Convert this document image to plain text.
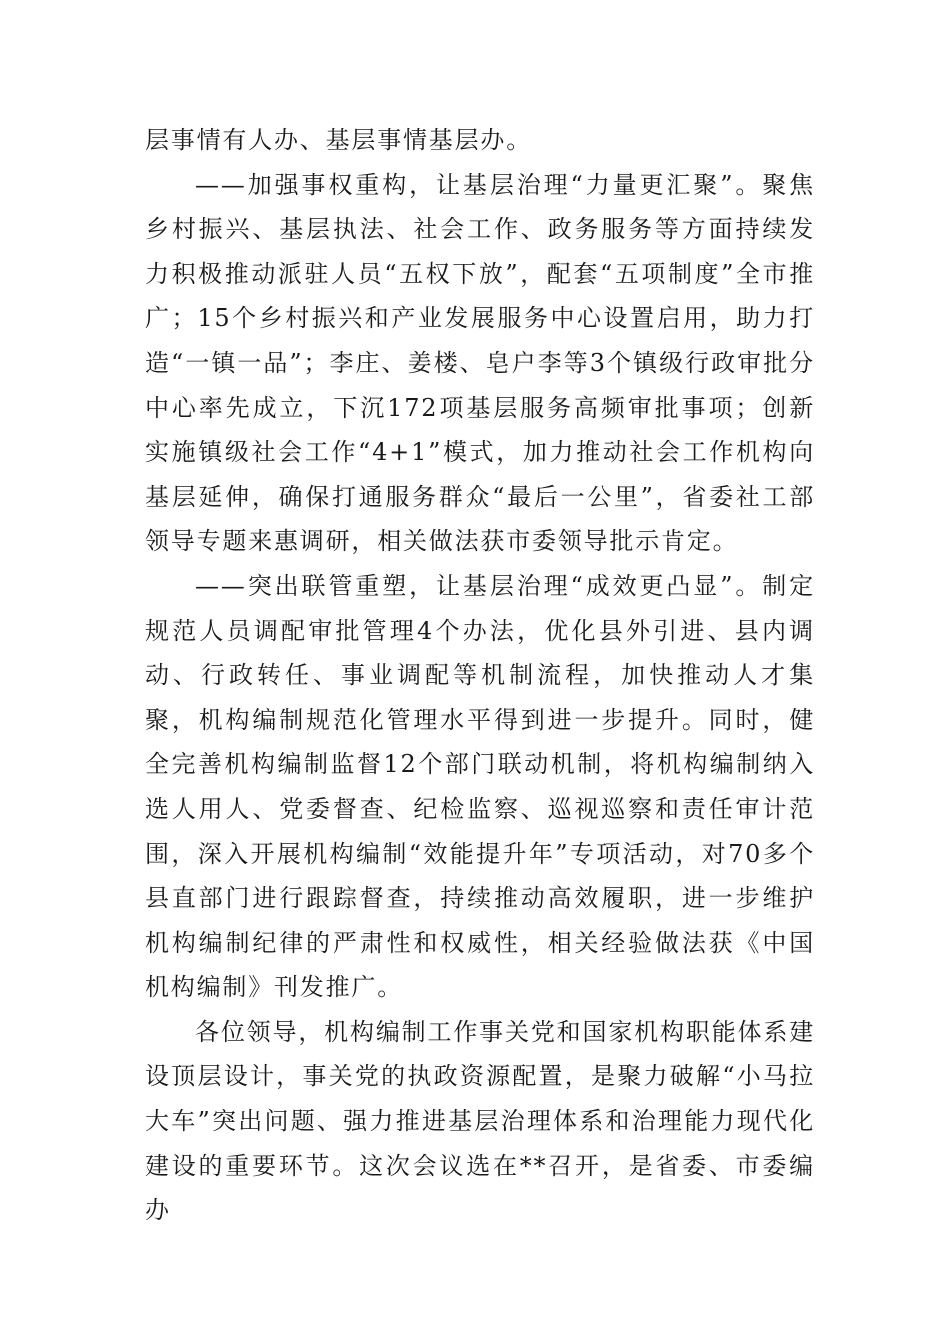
层事情有人办、基层事情基层办。

——加强事权重构，让基层治理“力量更汇聚”。聚焦乡村振兴、基层执法、社会工作、政务服务等方面持续发力积极推动派驻人员“五权下放”，配套“五项制度”全市推广；15个乡村振兴和产业发展服务中心设置启用，助力打造“一镇一品”；李庄、姜楼、皂户李等3个镇级行政审批分中心率先成立，下沉172项基层服务高频审批事项；创新实施镇级社会工作“4+1”模式，加力推动社会工作机构向基层延伸，确保打通服务群众“最后一公里”，省委社工部领导专题来惠调研，相关做法获市委领导批示肯定。

——突出联管重塑，让基层治理“成效更凸显”。制定规范人员调配审批管理4个办法，优化县外引进、县内调动、行政转任、事业调配等机制流程，加快推动人才集聚，机构编制规范化管理水平得到进一步提升。同时，健全完善机构编制监督12个部门联动机制，将机构编制纳入选人用人、党委督查、纪检监察、巡视巡察和责任审计范围，深入开展机构编制“效能提升年”专项活动，对70多个县直部门进行跟踪督查，持续推动高效履职，进一步维护机构编制纪律的严肃性和权威性，相关经验做法获《中国机构编制》刊发推广。

各位领导，机构编制工作事关党和国家机构职能体系建设顶层设计，事关党的执政资源配置，是聚力破解“小马拉大车”突出问题、强力推进基层治理体系和治理能力现代化建设的重要环节。这次会议选在**召开，是省委、市委编办
